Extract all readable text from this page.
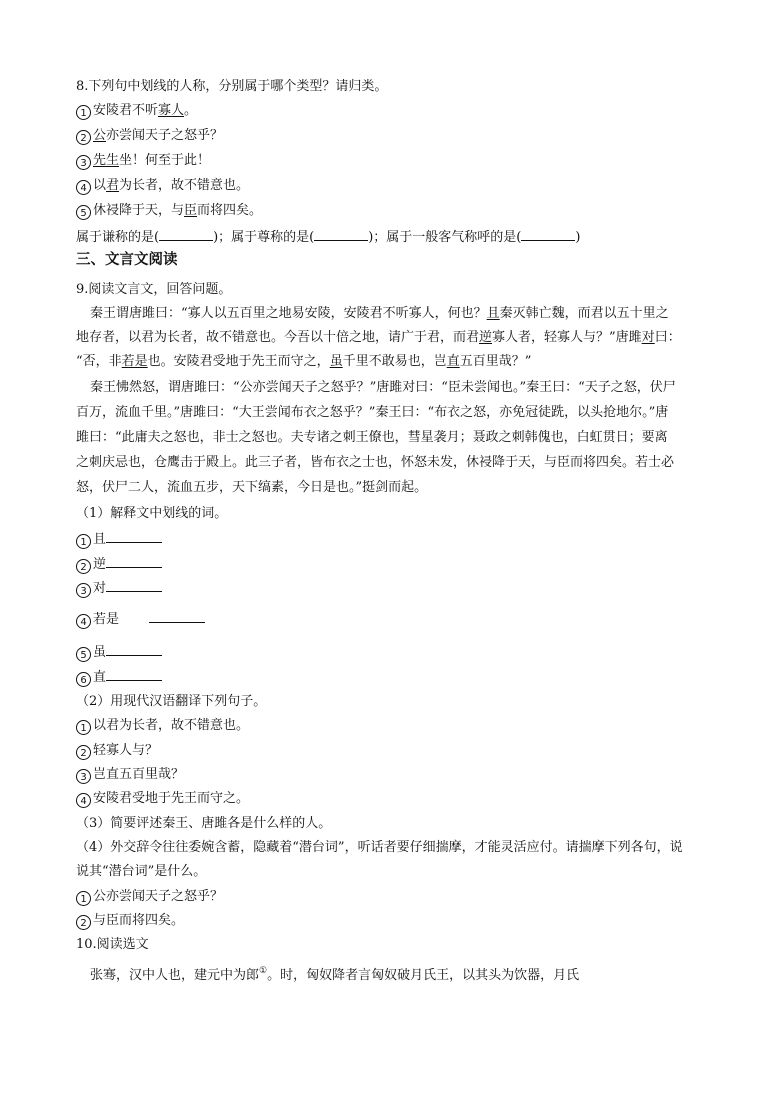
8.下列句中划线的人称，分别属于哪个类型？请归类。
1 安陵君不听寡人。
2 公亦尝闻天子之怒乎？
3 先生坐！何至于此！
4 以君为长者，故不错意也。
5 休祲降于天，与臣而将四矣。
属于谦称的是(	)；属于尊称的是(	)；属于一般客气称呼的是(	)
三、文言文阅读
9.阅读文言文，回答问题。
秦王谓唐雎曰：“寡人以五百里之地易安陵，安陵君不听寡人，何也？且秦灭韩亡魏，而君以五十里之
地存者，以君为长者，故不错意也。今吾以十倍之地，请广于君，而君逆寡人者，轻寡人与？”唐雎对曰：
“否，非若是也。安陵君受地于先王而守之，虽千里不敢易也，岂直五百里哉？”
秦王怫然怒，谓唐雎曰：“公亦尝闻天子之怒乎？”唐雎对曰：“臣未尝闻也。”秦王曰：“天子之怒，伏尸
百万，流血千里。”唐雎曰：“大王尝闻布衣之怒乎？”秦王曰：“布衣之怒，亦免冠徒跣，以头抢地尔。”唐
雎曰：“此庸夫之怒也，非士之怒也。夫专诸之刺王僚也，彗星袭月；聂政之刺韩傀也，白虹贯日；要离
之刺庆忌也，仓鹰击于殿上。此三子者，皆布衣之士也，怀怒未发，休祲降于天，与臣而将四矣。若士必
怒，伏尸二人，流血五步，天下缟素，今日是也。”挺剑而起。
（1）解释文中划线的词。
1 且
2 逆
3 对
4 若是
5 虽
6 直
（2）用现代汉语翻译下列句子。
1 以君为长者，故不错意也。
2 轻寡人与？
3 岂直五百里哉？
4 安陵君受地于先王而守之。
（3）简要评述秦王、唐雎各是什么样的人。
（4）外交辞令往往委婉含蓄，隐藏着“潜台词”，听话者要仔细揣摩，才能灵活应付。请揣摩下列各句，说
说其“潜台词”是什么。
1 公亦尝闻天子之怒乎？
2 与臣而将四矣。
10.阅读选文
张骞，汉中人也，建元中为郎①。时，匈奴降者言匈奴破月氏王，以其头为饮器，月氏
